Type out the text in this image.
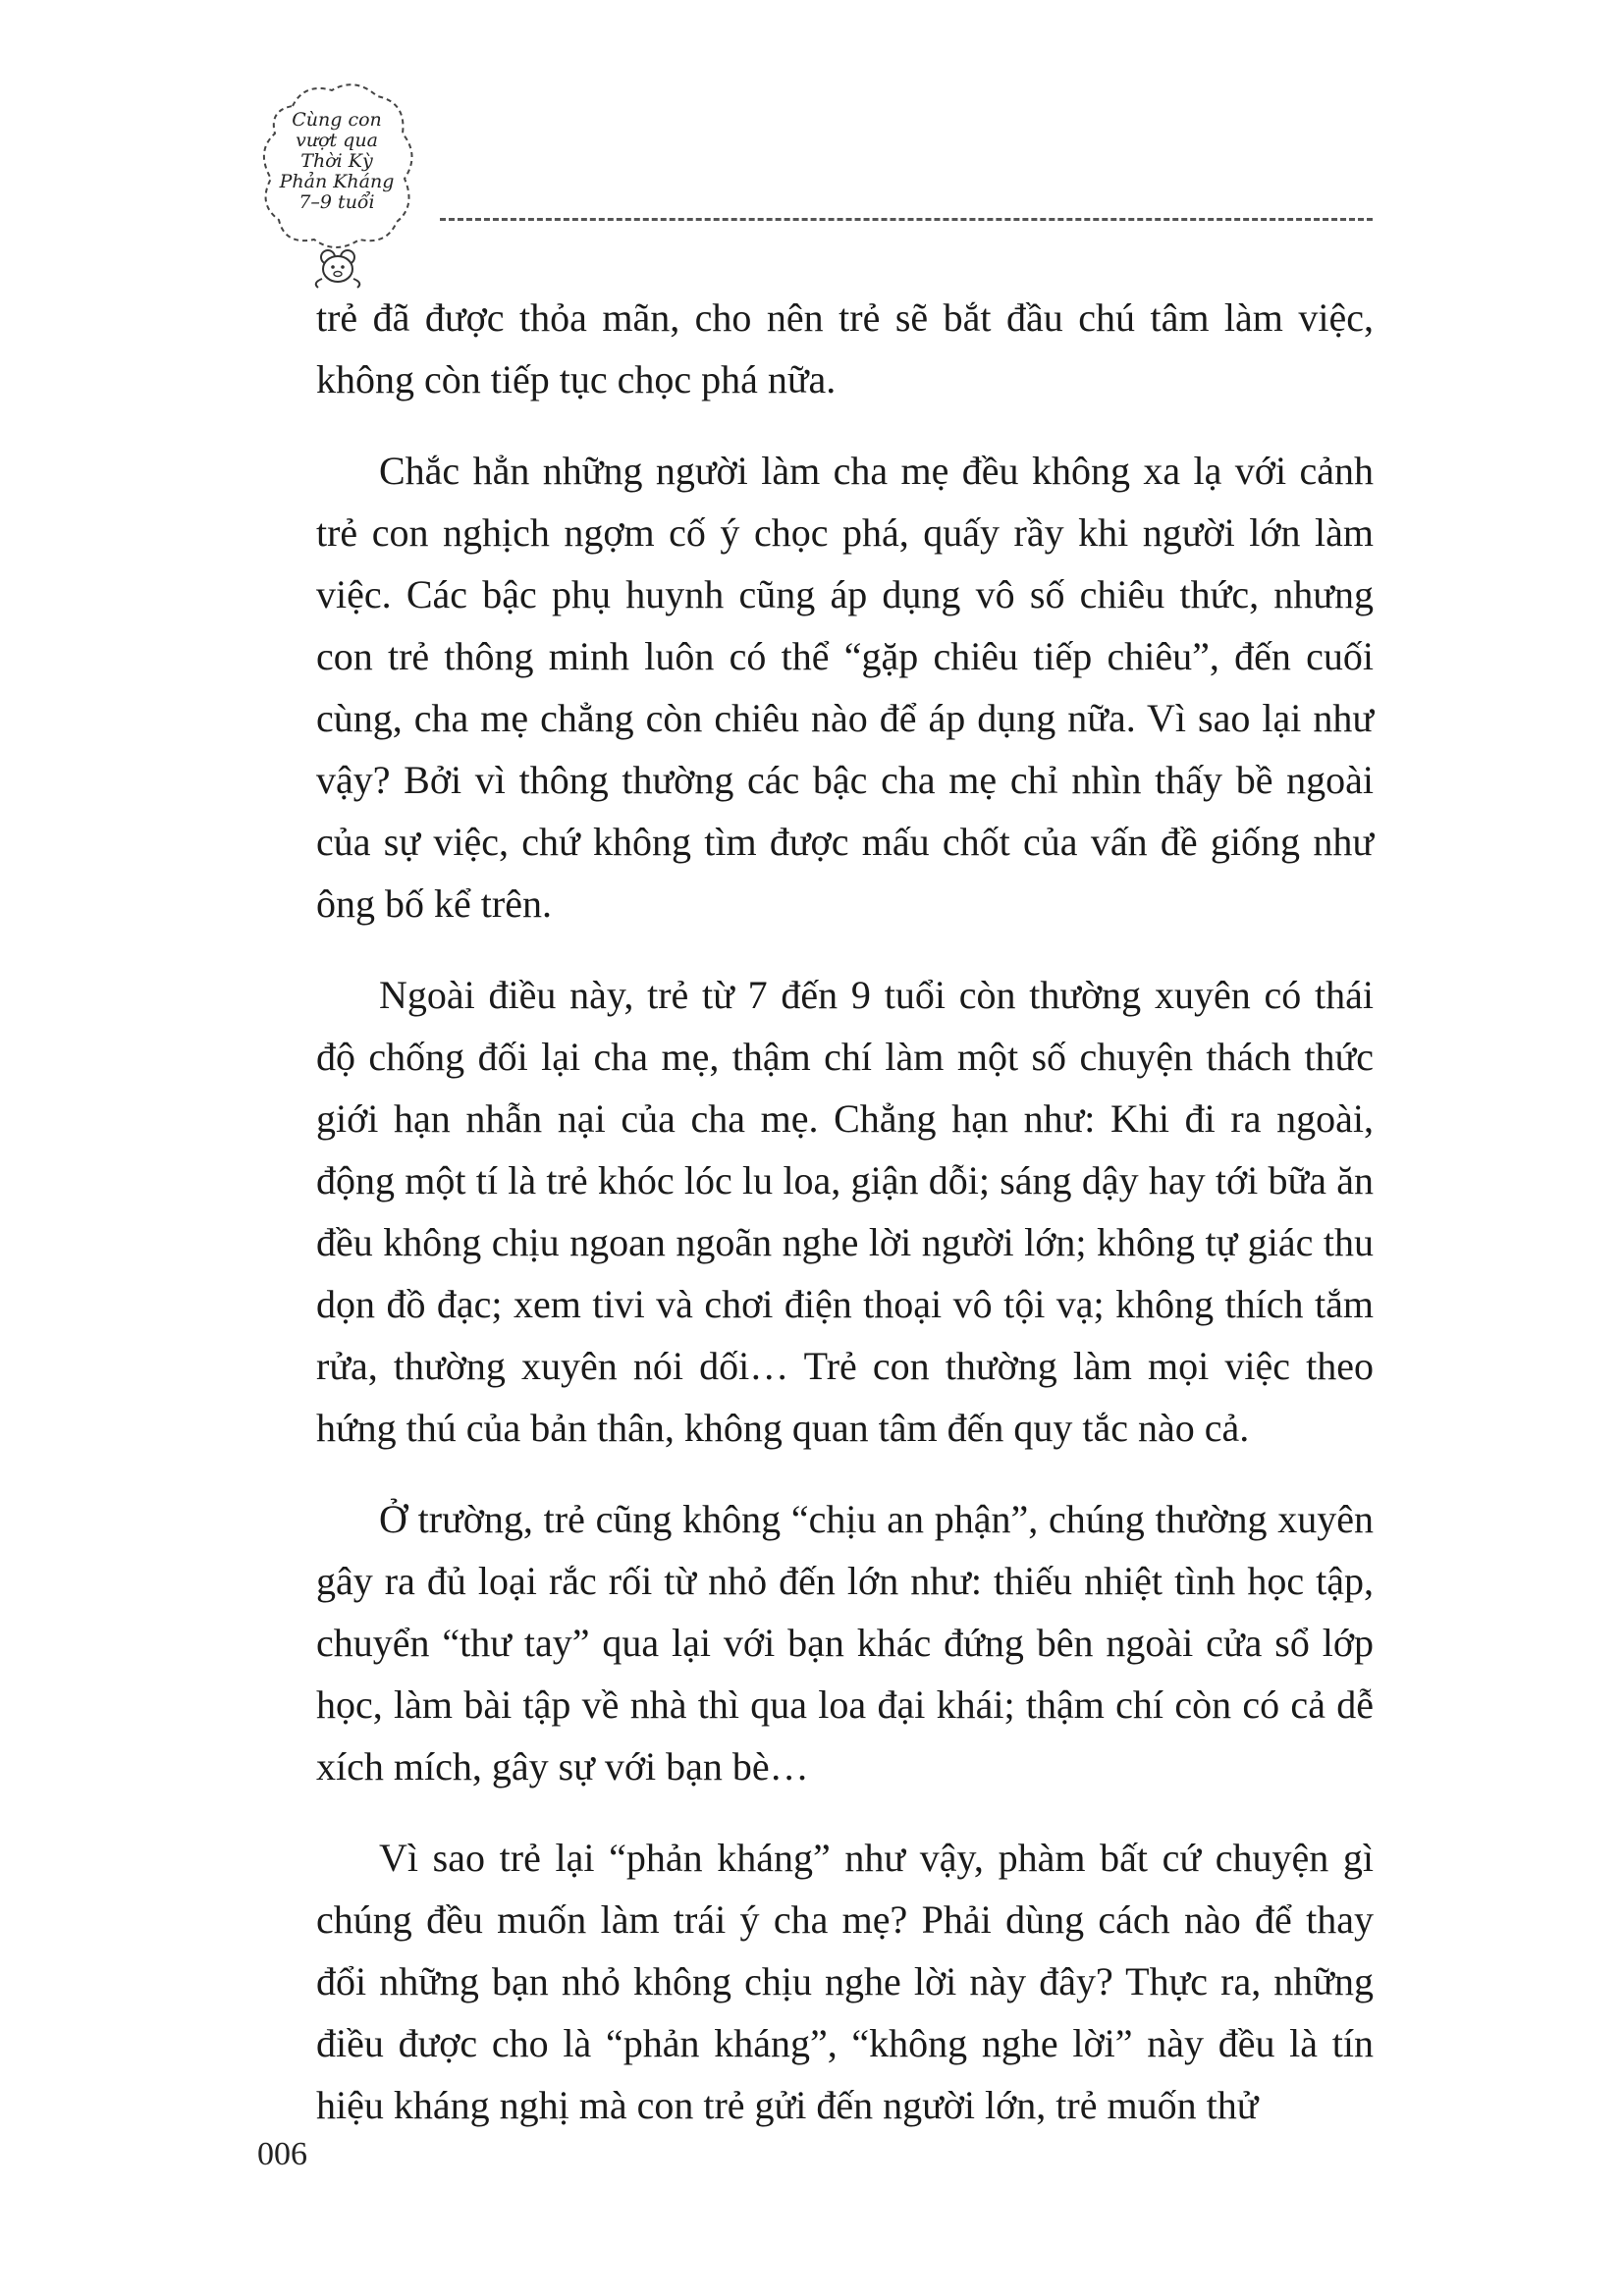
Cùng con
vượt qua
Thời Kỳ
Phản Kháng
7–9 tuổi

trẻ đã được thỏa mãn, cho nên trẻ sẽ bắt đầu chú tâm làm việc, không còn tiếp tục chọc phá nữa.

Chắc hẳn những người làm cha mẹ đều không xa lạ với cảnh trẻ con nghịch ngợm cố ý chọc phá, quấy rầy khi người lớn làm việc. Các bậc phụ huynh cũng áp dụng vô số chiêu thức, nhưng con trẻ thông minh luôn có thể “gặp chiêu tiếp chiêu”, đến cuối cùng, cha mẹ chẳng còn chiêu nào để áp dụng nữa. Vì sao lại như vậy? Bởi vì thông thường các bậc cha mẹ chỉ nhìn thấy bề ngoài của sự việc, chứ không tìm được mấu chốt của vấn đề giống như ông bố kể trên.

Ngoài điều này, trẻ từ 7 đến 9 tuổi còn thường xuyên có thái độ chống đối lại cha mẹ, thậm chí làm một số chuyện thách thức giới hạn nhẫn nại của cha mẹ. Chẳng hạn như: Khi đi ra ngoài, động một tí là trẻ khóc lóc lu loa, giận dỗi; sáng dậy hay tới bữa ăn đều không chịu ngoan ngoãn nghe lời người lớn; không tự giác thu dọn đồ đạc; xem tivi và chơi điện thoại vô tội vạ; không thích tắm rửa, thường xuyên nói dối… Trẻ con thường làm mọi việc theo hứng thú của bản thân, không quan tâm đến quy tắc nào cả.

Ở trường, trẻ cũng không “chịu an phận”, chúng thường xuyên gây ra đủ loại rắc rối từ nhỏ đến lớn như: thiếu nhiệt tình học tập, chuyển “thư tay” qua lại với bạn khác đứng bên ngoài cửa sổ lớp học, làm bài tập về nhà thì qua loa đại khái; thậm chí còn có cả dễ xích mích, gây sự với bạn bè…

Vì sao trẻ lại “phản kháng” như vậy, phàm bất cứ chuyện gì chúng đều muốn làm trái ý cha mẹ? Phải dùng cách nào để thay đổi những bạn nhỏ không chịu nghe lời này đây? Thực ra, những điều được cho là “phản kháng”, “không nghe lời” này đều là tín hiệu kháng nghị mà con trẻ gửi đến người lớn, trẻ muốn thử

006
